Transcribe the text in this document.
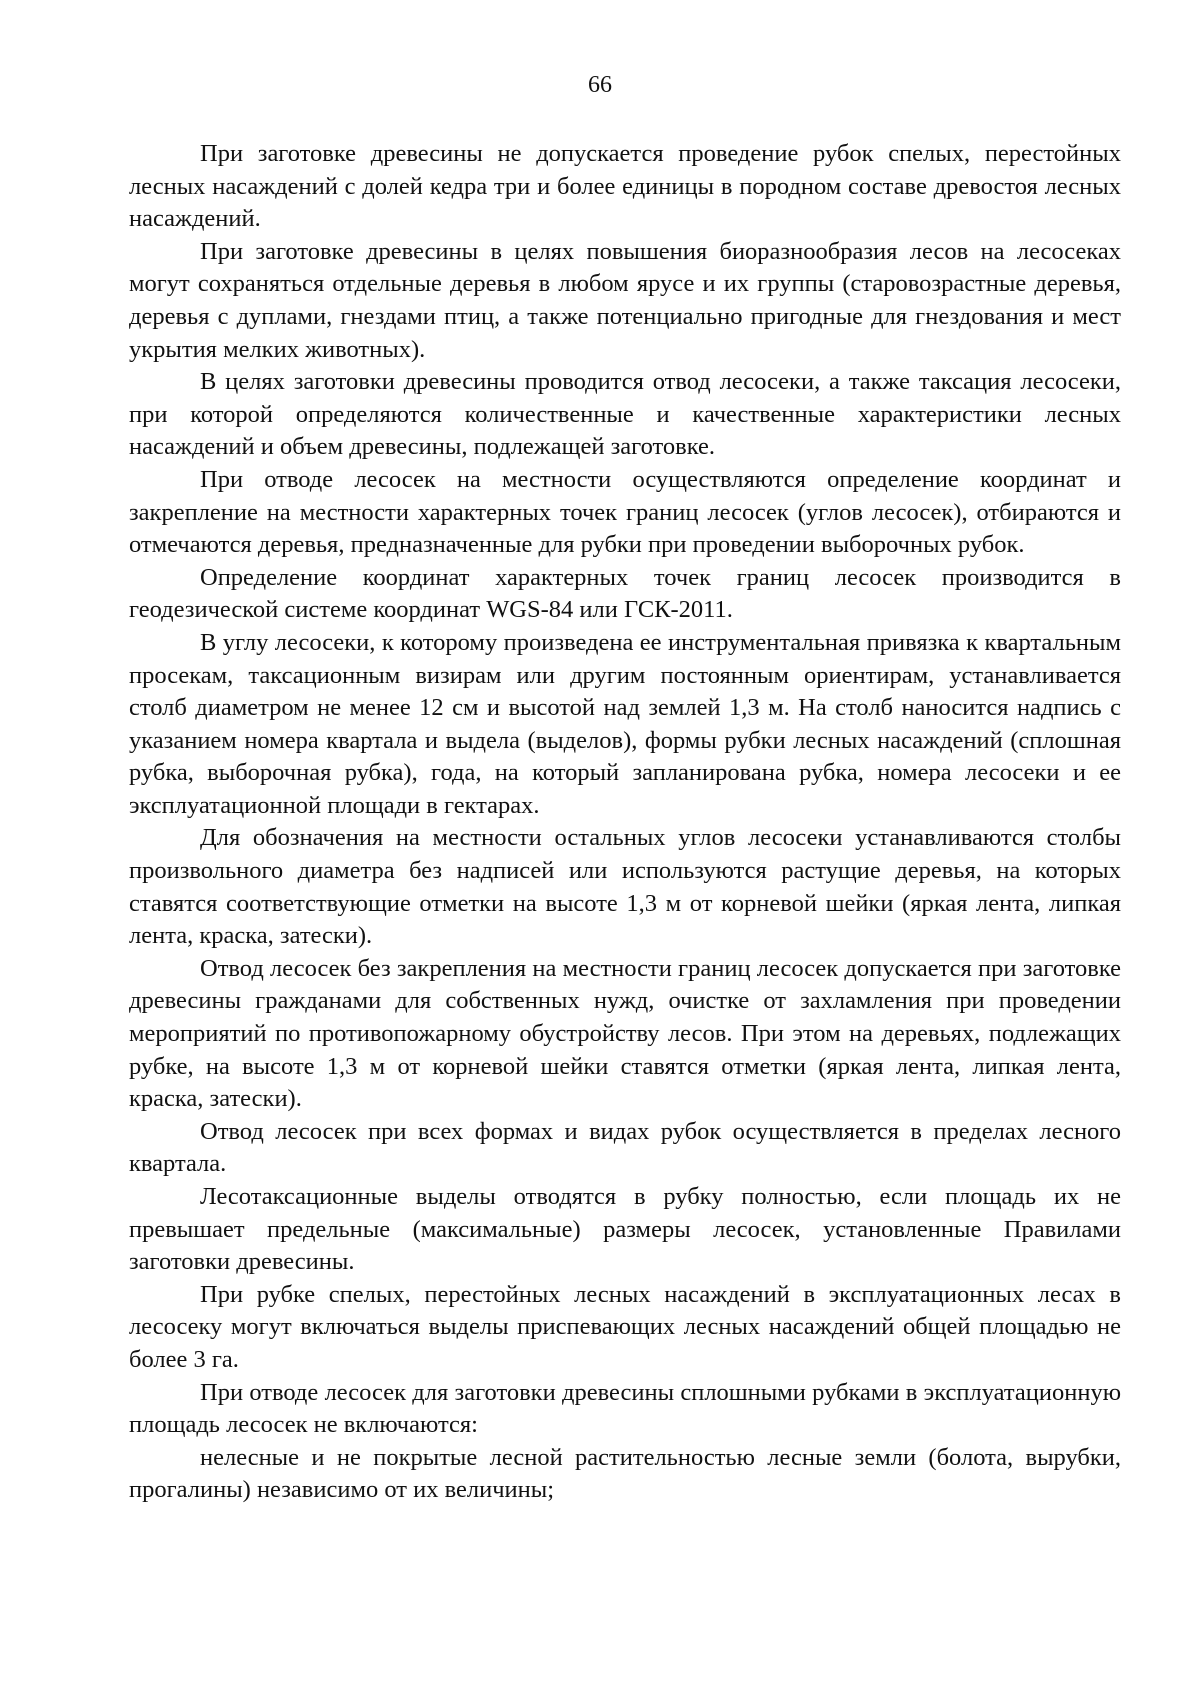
66

При заготовке древесины не допускается проведение рубок спелых, перестойных лесных насаждений с долей кедра три и более единицы в породном составе древостоя лесных насаждений.

При заготовке древесины в целях повышения биоразнообразия лесов на лесосеках могут сохраняться отдельные деревья в любом ярусе и их группы (старовозрастные деревья, деревья с дуплами, гнездами птиц, а также потенциально пригодные для гнездования и мест укрытия мелких животных).

В целях заготовки древесины проводится отвод лесосеки, а также таксация лесосеки, при которой определяются количественные и качественные характеристики лесных насаждений и объем древесины, подлежащей заготовке.

При отводе лесосек на местности осуществляются определение координат и закрепление на местности характерных точек границ лесосек (углов лесосек), отбираются и отмечаются деревья, предназначенные для рубки при проведении выборочных рубок.

Определение координат характерных точек границ лесосек производится в геодезической системе координат WGS-84 или ГСК-2011.

В углу лесосеки, к которому произведена ее инструментальная привязка к квартальным просекам, таксационным визирам или другим постоянным ориентирам, устанавливается столб диаметром не менее 12 см и высотой над землей 1,3 м. На столб наносится надпись с указанием номера квартала и выдела (выделов), формы рубки лесных насаждений (сплошная рубка, выборочная рубка), года, на который запланирована рубка, номера лесосеки и ее эксплуатационной площади в гектарах.

Для обозначения на местности остальных углов лесосеки устанавливаются столбы произвольного диаметра без надписей или используются растущие деревья, на которых ставятся соответствующие отметки на высоте 1,3 м от корневой шейки (яркая лента, липкая лента, краска, затески).

Отвод лесосек без закрепления на местности границ лесосек допускается при заготовке древесины гражданами для собственных нужд, очистке от захламления при проведении мероприятий по противопожарному обустройству лесов. При этом на деревьях, подлежащих рубке, на высоте 1,3 м от корневой шейки ставятся отметки (яркая лента, липкая лента, краска, затески).

Отвод лесосек при всех формах и видах рубок осуществляется в пределах лесного квартала.

Лесотаксационные выделы отводятся в рубку полностью, если площадь их не превышает предельные (максимальные) размеры лесосек, установленные Правилами заготовки древесины.

При рубке спелых, перестойных лесных насаждений в эксплуатационных лесах в лесосеку могут включаться выделы приспевающих лесных насаждений общей площадью не более 3 га.

При отводе лесосек для заготовки древесины сплошными рубками в эксплуатационную площадь лесосек не включаются:

нелесные и не покрытые лесной растительностью лесные земли (болота, вырубки, прогалины) независимо от их величины;
